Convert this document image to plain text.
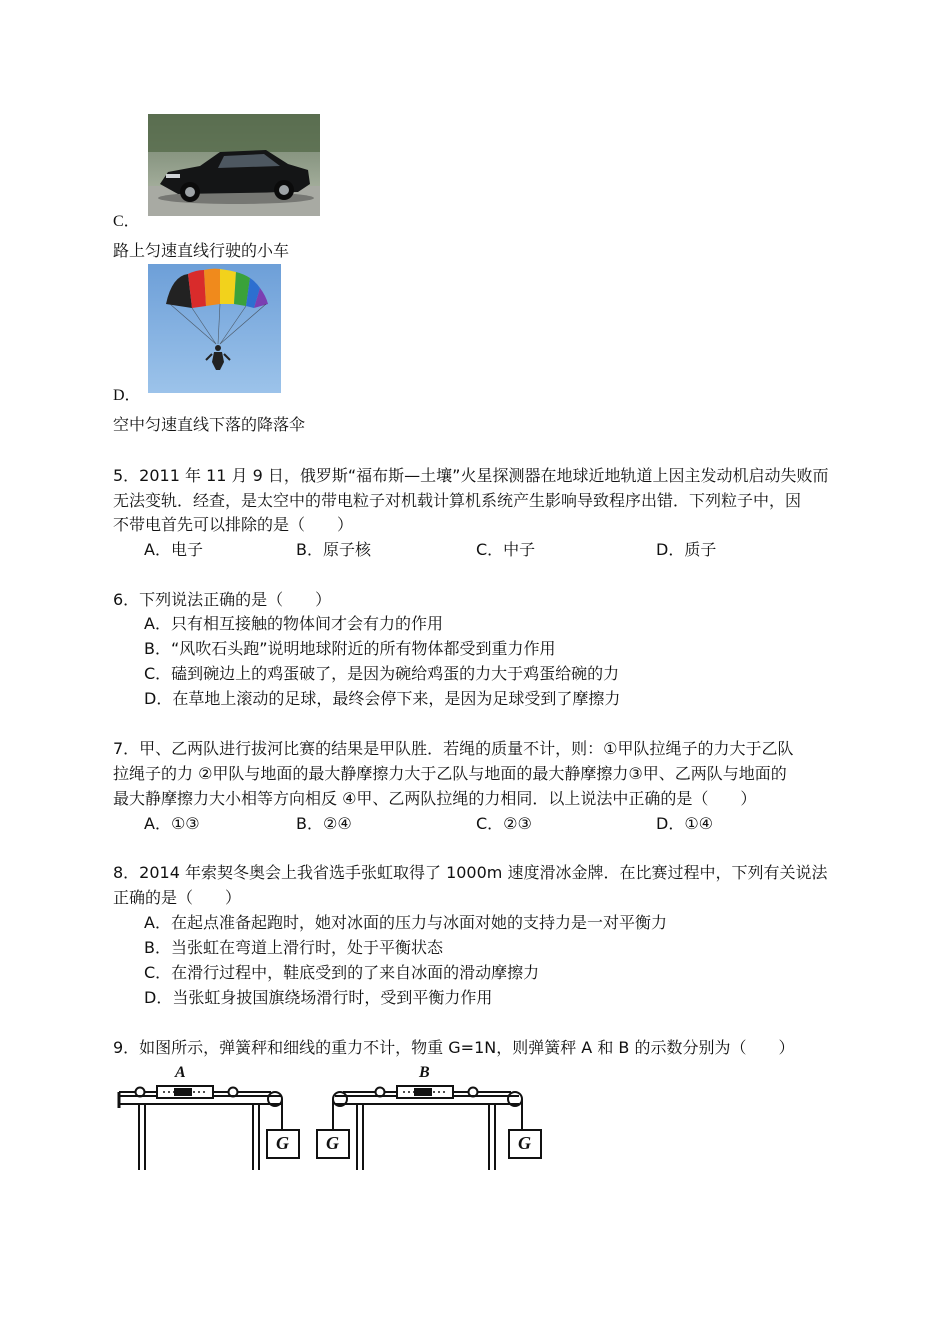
C．
路上匀速直线行驶的小车
D．
空中匀速直线下落的降落伞
5．2011 年 11 月 9 日，俄罗斯“福布斯—土壤”火星探测器在地球近地轨道上因主发动机启动失败而
无法变轨．经查，是太空中的带电粒子对机载计算机系统产生影响导致程序出错．下列粒子中，因
不带电首先可以排除的是（　　）
A．电子	B．原子核	C．中子	D．质子
6．下列说法正确的是（　　）
A．只有相互接触的物体间才会有力的作用
B．“风吹石头跑”说明地球附近的所有物体都受到重力作用
C．磕到碗边上的鸡蛋破了，是因为碗给鸡蛋的力大于鸡蛋给碗的力
D．在草地上滚动的足球，最终会停下来，是因为足球受到了摩擦力
7．甲、乙两队进行拔河比赛的结果是甲队胜．若绳的质量不计，则：①甲队拉绳子的力大于乙队
拉绳子的力 ②甲队与地面的最大静摩擦力大于乙队与地面的最大静摩擦力③甲、乙两队与地面的
最大静摩擦力大小相等方向相反 ④甲、乙两队拉绳的力相同．以上说法中正确的是（　　）
A．①③	B．②④	C．②③	D．①④
8．2014 年索契冬奥会上我省选手张虹取得了 1000m 速度滑冰金牌．在比赛过程中，下列有关说法
正确的是（　　）
A．在起点准备起跑时，她对冰面的压力与冰面对她的支持力是一对平衡力
B．当张虹在弯道上滑行时，处于平衡状态
C．在滑行过程中，鞋底受到的了来自冰面的滑动摩擦力
D．当张虹身披国旗绕场滑行时，受到平衡力作用
9．如图所示，弹簧秤和细线的重力不计，物重 G=1N，则弹簧秤 A 和 B 的示数分别为（　　）
A	B
G G	G
